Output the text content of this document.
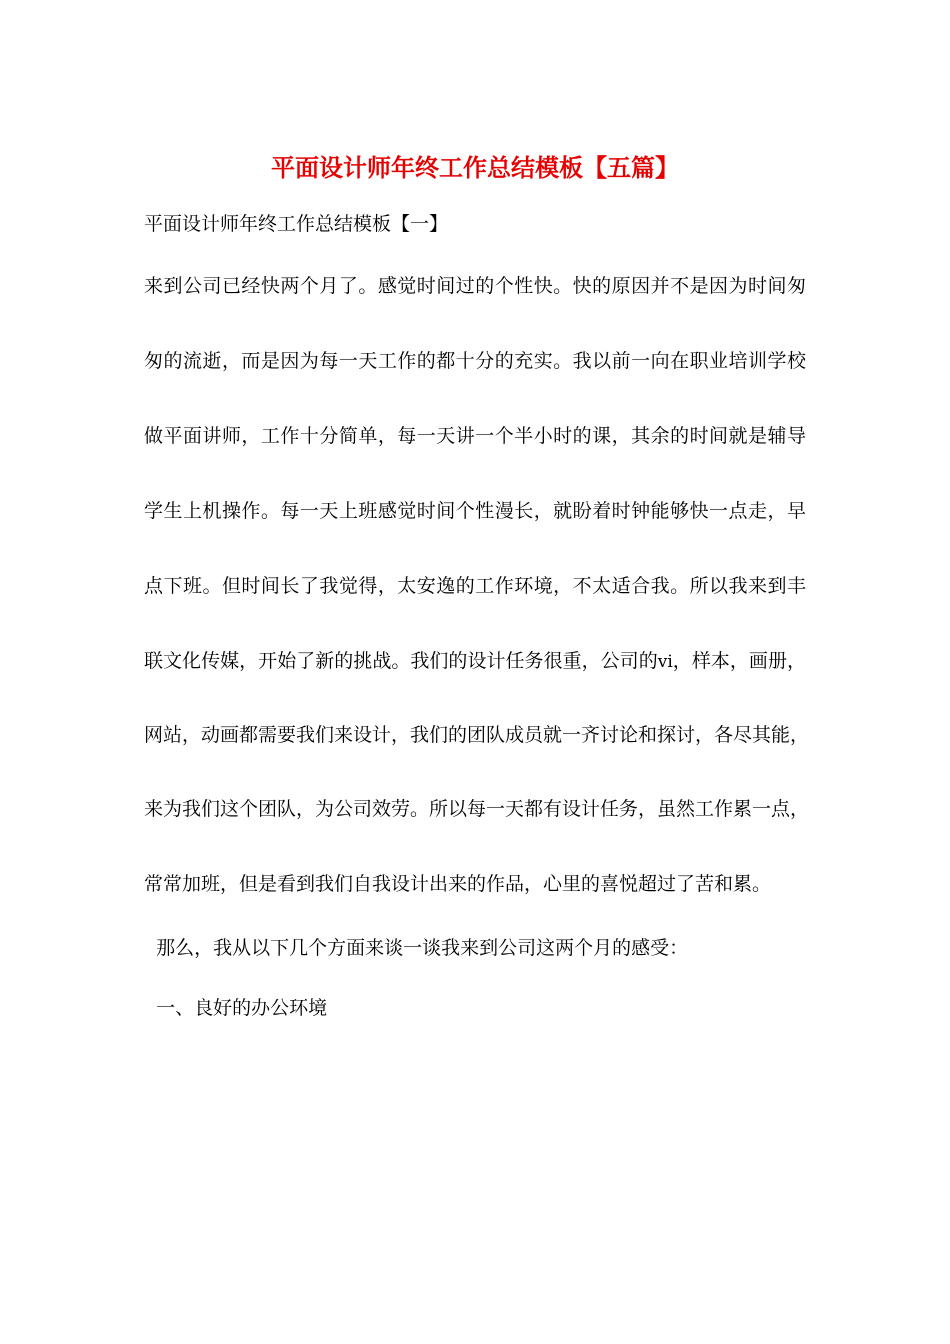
平面设计师年终工作总结模板【五篇】

平面设计师年终工作总结模板【一】

来到公司已经快两个月了。感觉时间过的个性快。快的原因并不是因为时间匆

匆的流逝，而是因为每一天工作的都十分的充实。我以前一向在职业培训学校

做平面讲师，工作十分简单，每一天讲一个半小时的课，其余的时间就是辅导

学生上机操作。每一天上班感觉时间个性漫长，就盼着时钟能够快一点走，早

点下班。但时间长了我觉得，太安逸的工作环境，不太适合我。所以我来到丰

联文化传媒，开始了新的挑战。我们的设计任务很重，公司的vi，样本，画册，

网站，动画都需要我们来设计，我们的团队成员就一齐讨论和探讨，各尽其能，

来为我们这个团队，为公司效劳。所以每一天都有设计任务，虽然工作累一点，

常常加班，但是看到我们自我设计出来的作品，心里的喜悦超过了苦和累。

那么，我从以下几个方面来谈一谈我来到公司这两个月的感受：

一、良好的办公环境
